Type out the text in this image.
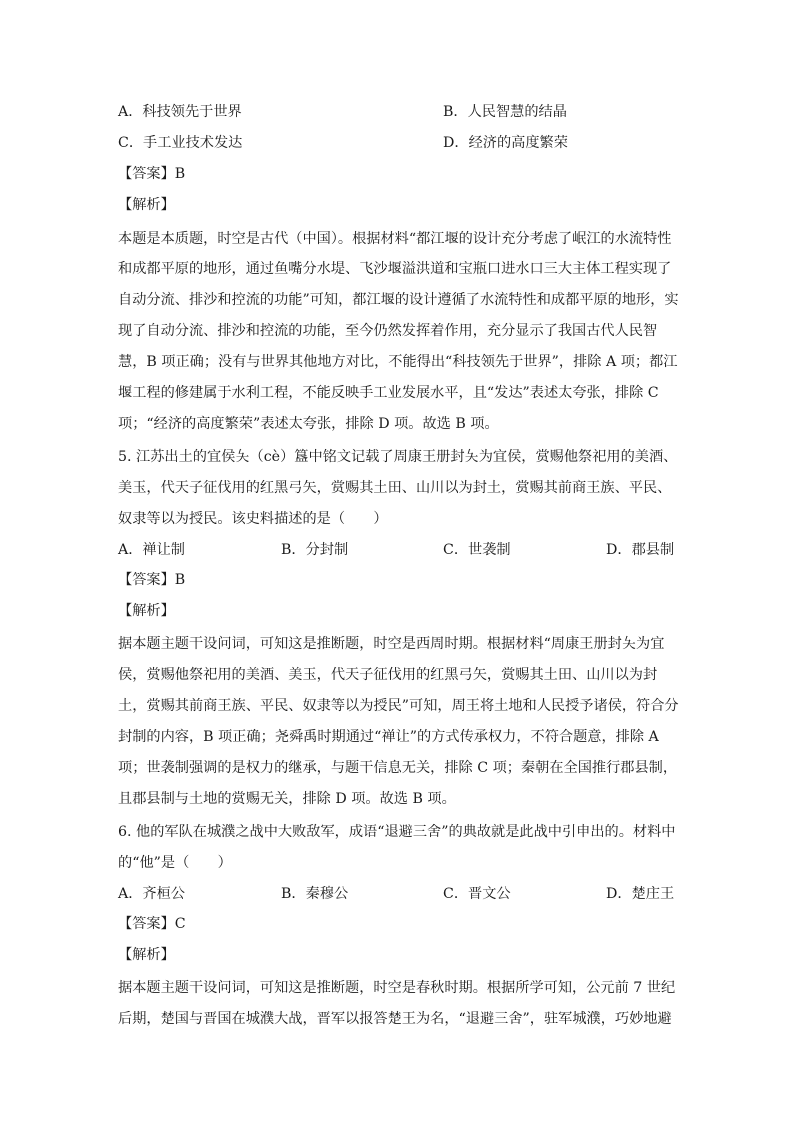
A．科技领先于世界	B．人民智慧的结晶
C．手工业技术发达	D．经济的高度繁荣
【答案】B
【解析】
本题是本质题，时空是古代（中国）。根据材料“都江堰的设计充分考虑了岷江的水流特性
和成都平原的地形，通过鱼嘴分水堤、飞沙堰溢洪道和宝瓶口进水口三大主体工程实现了
自动分流、排沙和控流的功能”可知，都江堰的设计遵循了水流特性和成都平原的地形，实
现了自动分流、排沙和控流的功能，至今仍然发挥着作用，充分显示了我国古代人民智
慧，B 项正确；没有与世界其他地方对比，不能得出“科技领先于世界”，排除 A 项；都江
堰工程的修建属于水利工程，不能反映手工业发展水平，且“发达”表述太夸张，排除 C
项；“经济的高度繁荣”表述太夸张，排除 D 项。故选 B 项。
5. 江苏出土的宜侯夨（cè）簋中铭文记载了周康王册封夨为宜侯，赏赐他祭祀用的美酒、
美玉，代天子征伐用的红黑弓矢，赏赐其土田、山川以为封土，赏赐其前商王族、平民、
奴隶等以为授民。该史料描述的是（　　）
A．禅让制	B．分封制	C．世袭制	D．郡县制
【答案】B
【解析】
据本题主题干设问词，可知这是推断题，时空是西周时期。根据材料“周康王册封夨为宜
侯，赏赐他祭祀用的美酒、美玉，代天子征伐用的红黑弓矢，赏赐其土田、山川以为封
土，赏赐其前商王族、平民、奴隶等以为授民”可知，周王将土地和人民授予诸侯，符合分
封制的内容，B 项正确；尧舜禹时期通过“禅让”的方式传承权力，不符合题意，排除 A
项；世袭制强调的是权力的继承，与题干信息无关，排除 C 项；秦朝在全国推行郡县制，
且郡县制与土地的赏赐无关，排除 D 项。故选 B 项。
6. 他的军队在城濮之战中大败敌军，成语“退避三舍”的典故就是此战中引申出的。材料中
的“他”是（　　）
A．齐桓公	B．秦穆公	C．晋文公	D．楚庄王
【答案】C
【解析】
据本题主题干设问词，可知这是推断题，时空是春秋时期。根据所学可知，公元前 7 世纪
后期，楚国与晋国在城濮大战，晋军以报答楚王为名，“退避三舍”，驻军城濮，巧妙地避
